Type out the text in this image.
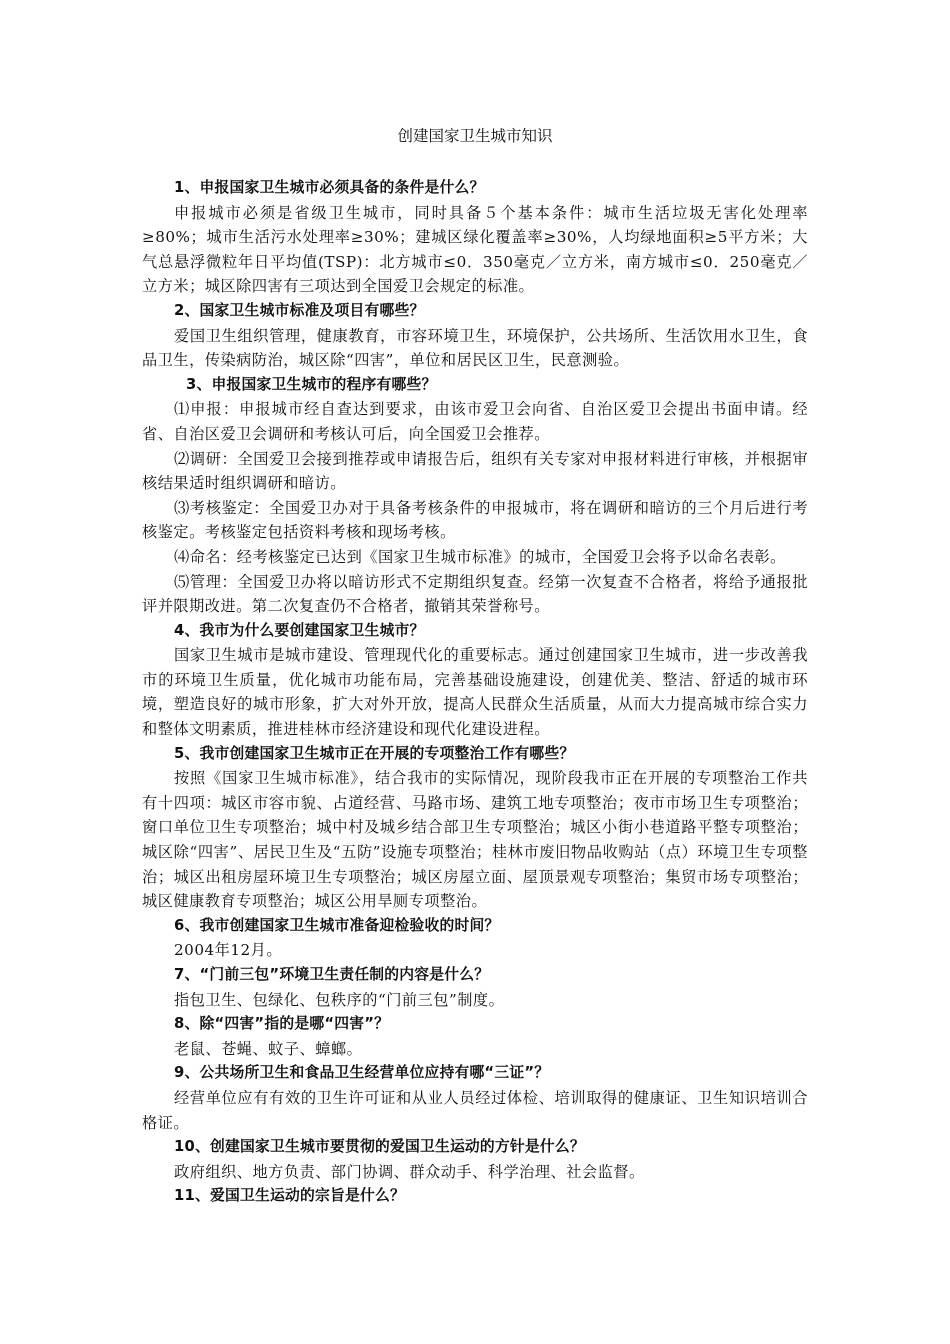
创建国家卫生城市知识

1、申报国家卫生城市必须具备的条件是什么？

申报城市必须是省级卫生城市，同时具备５个基本条件：城市生活垃圾无害化处理率≥80%；城市生活污水处理率≥30%；建城区绿化覆盖率≥30%，人均绿地面积≥5平方米；大气总悬浮微粒年日平均值(TSP)：北方城市≤0．350毫克／立方米，南方城市≤0．250毫克／立方米；城区除四害有三项达到全国爱卫会规定的标准。

2、国家卫生城市标准及项目有哪些？

爱国卫生组织管理，健康教育，市容环境卫生，环境保护，公共场所、生活饮用水卫生，食品卫生，传染病防治，城区除“四害”，单位和居民区卫生，民意测验。

3、申报国家卫生城市的程序有哪些？

⑴申报：申报城市经自查达到要求，由该市爱卫会向省、自治区爱卫会提出书面申请。经省、自治区爱卫会调研和考核认可后，向全国爱卫会推荐。

⑵调研：全国爱卫会接到推荐或申请报告后，组织有关专家对申报材料进行审核，并根据审核结果适时组织调研和暗访。

⑶考核鉴定：全国爱卫办对于具备考核条件的申报城市，将在调研和暗访的三个月后进行考核鉴定。考核鉴定包括资料考核和现场考核。

⑷命名：经考核鉴定已达到《国家卫生城市标准》的城市，全国爱卫会将予以命名表彰。

⑸管理：全国爱卫办将以暗访形式不定期组织复查。经第一次复查不合格者，将给予通报批评并限期改进。第二次复查仍不合格者，撤销其荣誉称号。

4、我市为什么要创建国家卫生城市？

国家卫生城市是城市建设、管理现代化的重要标志。通过创建国家卫生城市，进一步改善我市的环境卫生质量，优化城市功能布局，完善基础设施建设，创建优美、整洁、舒适的城市环境，塑造良好的城市形象，扩大对外开放，提高人民群众生活质量，从而大力提高城市综合实力和整体文明素质，推进桂林市经济建设和现代化建设进程。

5、我市创建国家卫生城市正在开展的专项整治工作有哪些？

按照《国家卫生城市标准》，结合我市的实际情况，现阶段我市正在开展的专项整治工作共有十四项：城区市容市貌、占道经营、马路市场、建筑工地专项整治；夜市市场卫生专项整治；窗口单位卫生专项整治；城中村及城乡结合部卫生专项整治；城区小街小巷道路平整专项整治；城区除“四害”、居民卫生及“五防”设施专项整治；桂林市废旧物品收购站（点）环境卫生专项整治；城区出租房屋环境卫生专项整治；城区房屋立面、屋顶景观专项整治；集贸市场专项整治；城区健康教育专项整治；城区公用旱厕专项整治。

6、我市创建国家卫生城市准备迎检验收的时间？

2004年12月。

7、“门前三包”环境卫生责任制的内容是什么？

指包卫生、包绿化、包秩序的“门前三包”制度。

8、除“四害”指的是哪“四害”？

老鼠、苍蝇、蚊子、蟑螂。

9、公共场所卫生和食品卫生经营单位应持有哪“三证”？

经营单位应有有效的卫生许可证和从业人员经过体检、培训取得的健康证、卫生知识培训合格证。

10、创建国家卫生城市要贯彻的爱国卫生运动的方针是什么？

政府组织、地方负责、部门协调、群众动手、科学治理、社会监督。

11、爱国卫生运动的宗旨是什么？
